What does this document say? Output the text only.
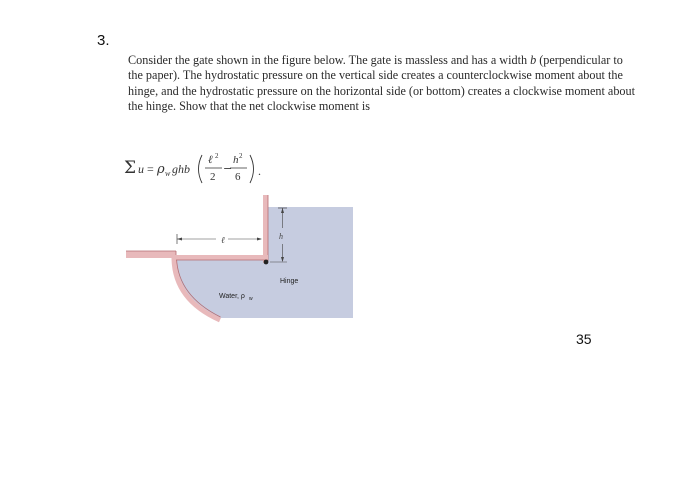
3.

Consider the gate shown in the figure below. The gate is massless and has a width b (perpendicular to the paper). The hydrostatic pressure on the vertical side creates a counterclockwise moment about the hinge, and the hydrostatic pressure on the horizontal side (or bottom) creates a clockwise moment about the hinge. Show that the net clockwise moment is

Σ u = ρ w ghb
ℓ 2
2
−
h 2
6 .
ℓ	h
Hinge
Water, ρ w
35
